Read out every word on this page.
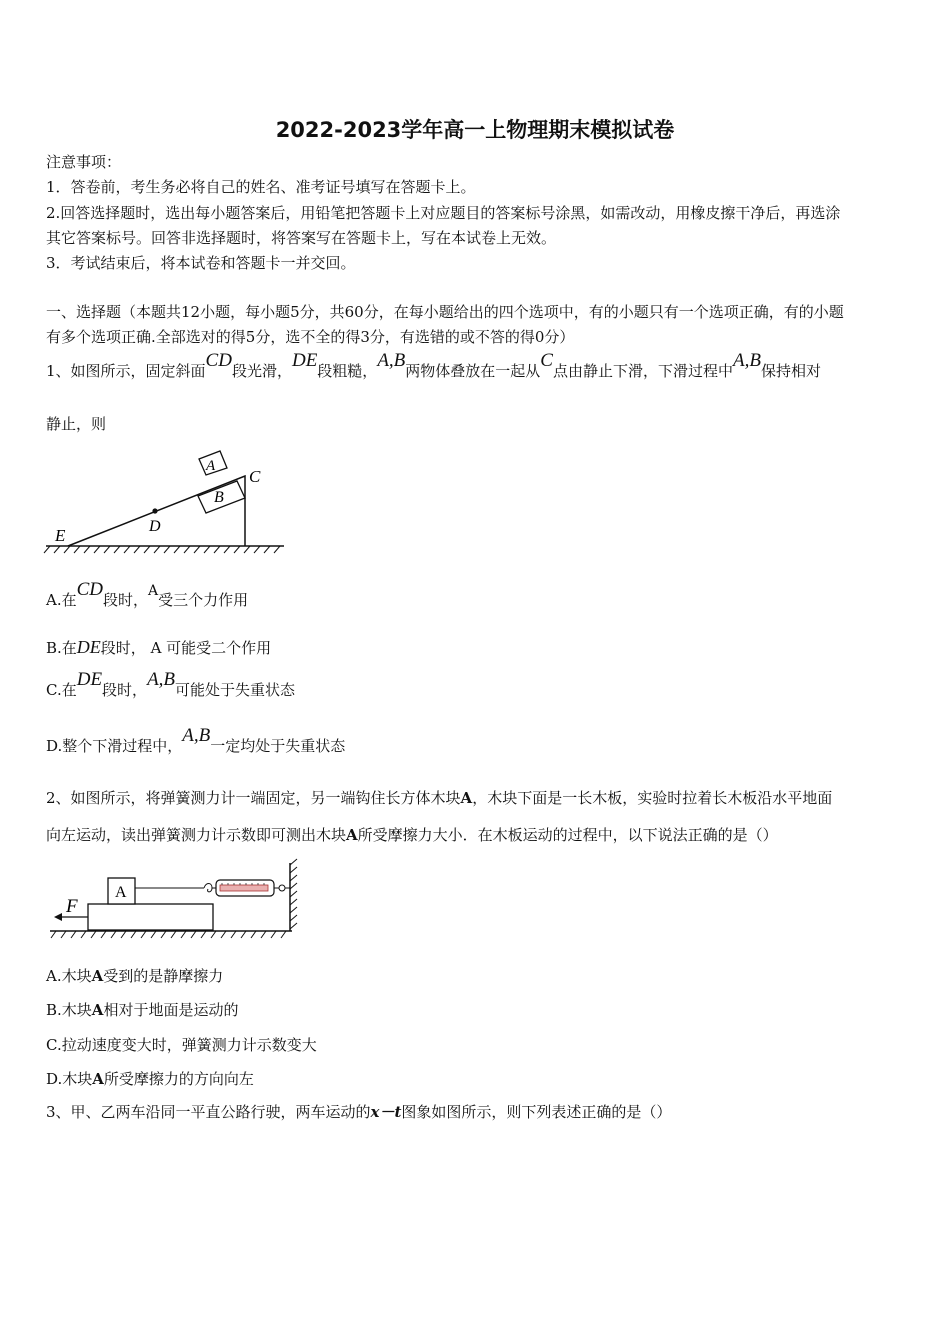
2022-2023学年高一上物理期末模拟试卷
注意事项：
1．答卷前，考生务必将自己的姓名、准考证号填写在答题卡上。
2.回答选择题时，选出每小题答案后，用铅笔把答题卡上对应题目的答案标号涂黑，如需改动，用橡皮擦干净后，再选涂
其它答案标号。回答非选择题时，将答案写在答题卡上，写在本试卷上无效。
3．考试结束后，将本试卷和答题卡一并交回。
一、选择题（本题共12小题，每小题5分，共60分，在每小题给出的四个选项中，有的小题只有一个选项正确，有的小题
有多个选项正确.全部选对的得5分，选不全的得3分，有选错的或不答的得0分）
1、如图所示，固定斜面CD段光滑，DE段粗糙，A,B两物体叠放在一起从C点由静止下滑，下滑过程中A,B保持相对
静止，则
A
B
C
D
E
A.在CD段时，A受三个力作用
B.在DE段时， A 可能受二个作用
C.在DE段时，A,B可能处于失重状态
D.整个下滑过程中，A,B一定均处于失重状态
2、如图所示，将弹簧测力计一端固定，另一端钩住长方体木块A，木块下面是一长木板，实验时拉着长木板沿水平地面
向左运动，读出弹簧测力计示数即可测出木块A所受摩擦力大小．在木板运动的过程中，以下说法正确的是（）
A
F
A.木块A受到的是静摩擦力
B.木块A相对于地面是运动的
C.拉动速度变大时，弹簧测力计示数变大
D.木块A所受摩擦力的方向向左
3、甲、乙两车沿同一平直公路行驶，两车运动的x－t图象如图所示，则下列表述正确的是（）
